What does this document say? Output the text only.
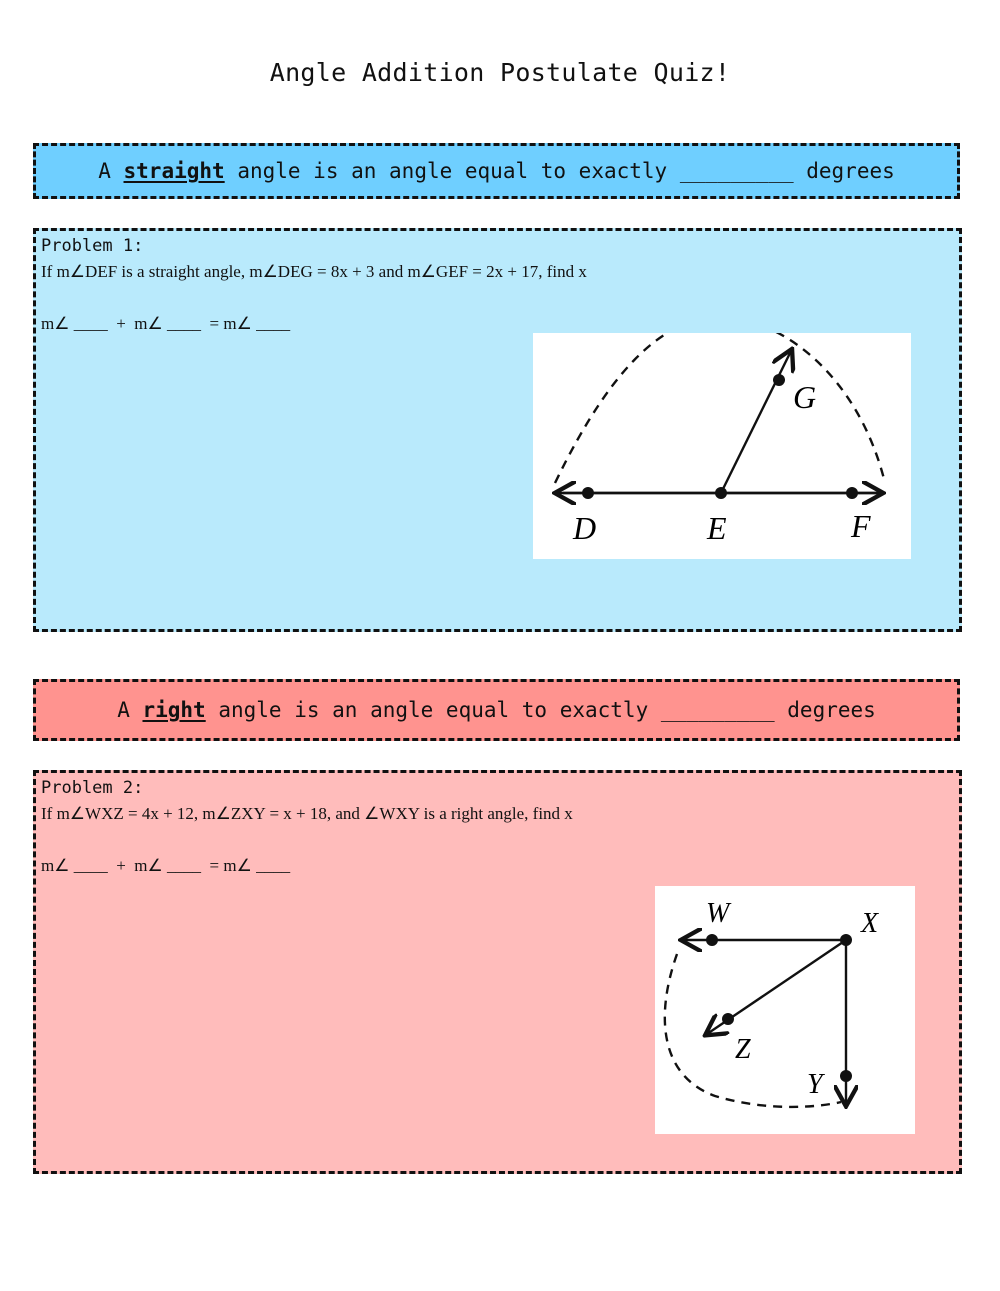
Angle Addition Postulate Quiz!
A straight angle is an angle equal to exactly _________ degrees
Problem 1:
If m∠DEF is a straight angle, m∠DEG = 8x + 3 and m∠GEF = 2x + 17, find x
m∠ ____  +  m∠ ____  = m∠ ____
D	E	F
G
A right angle is an angle equal to exactly _________ degrees
Problem 2:
If m∠WXZ = 4x + 12, m∠ZXY = x + 18, and ∠WXY is a right angle, find x
m∠ ____  +  m∠ ____  = m∠ ____
W	X
Z
Y
